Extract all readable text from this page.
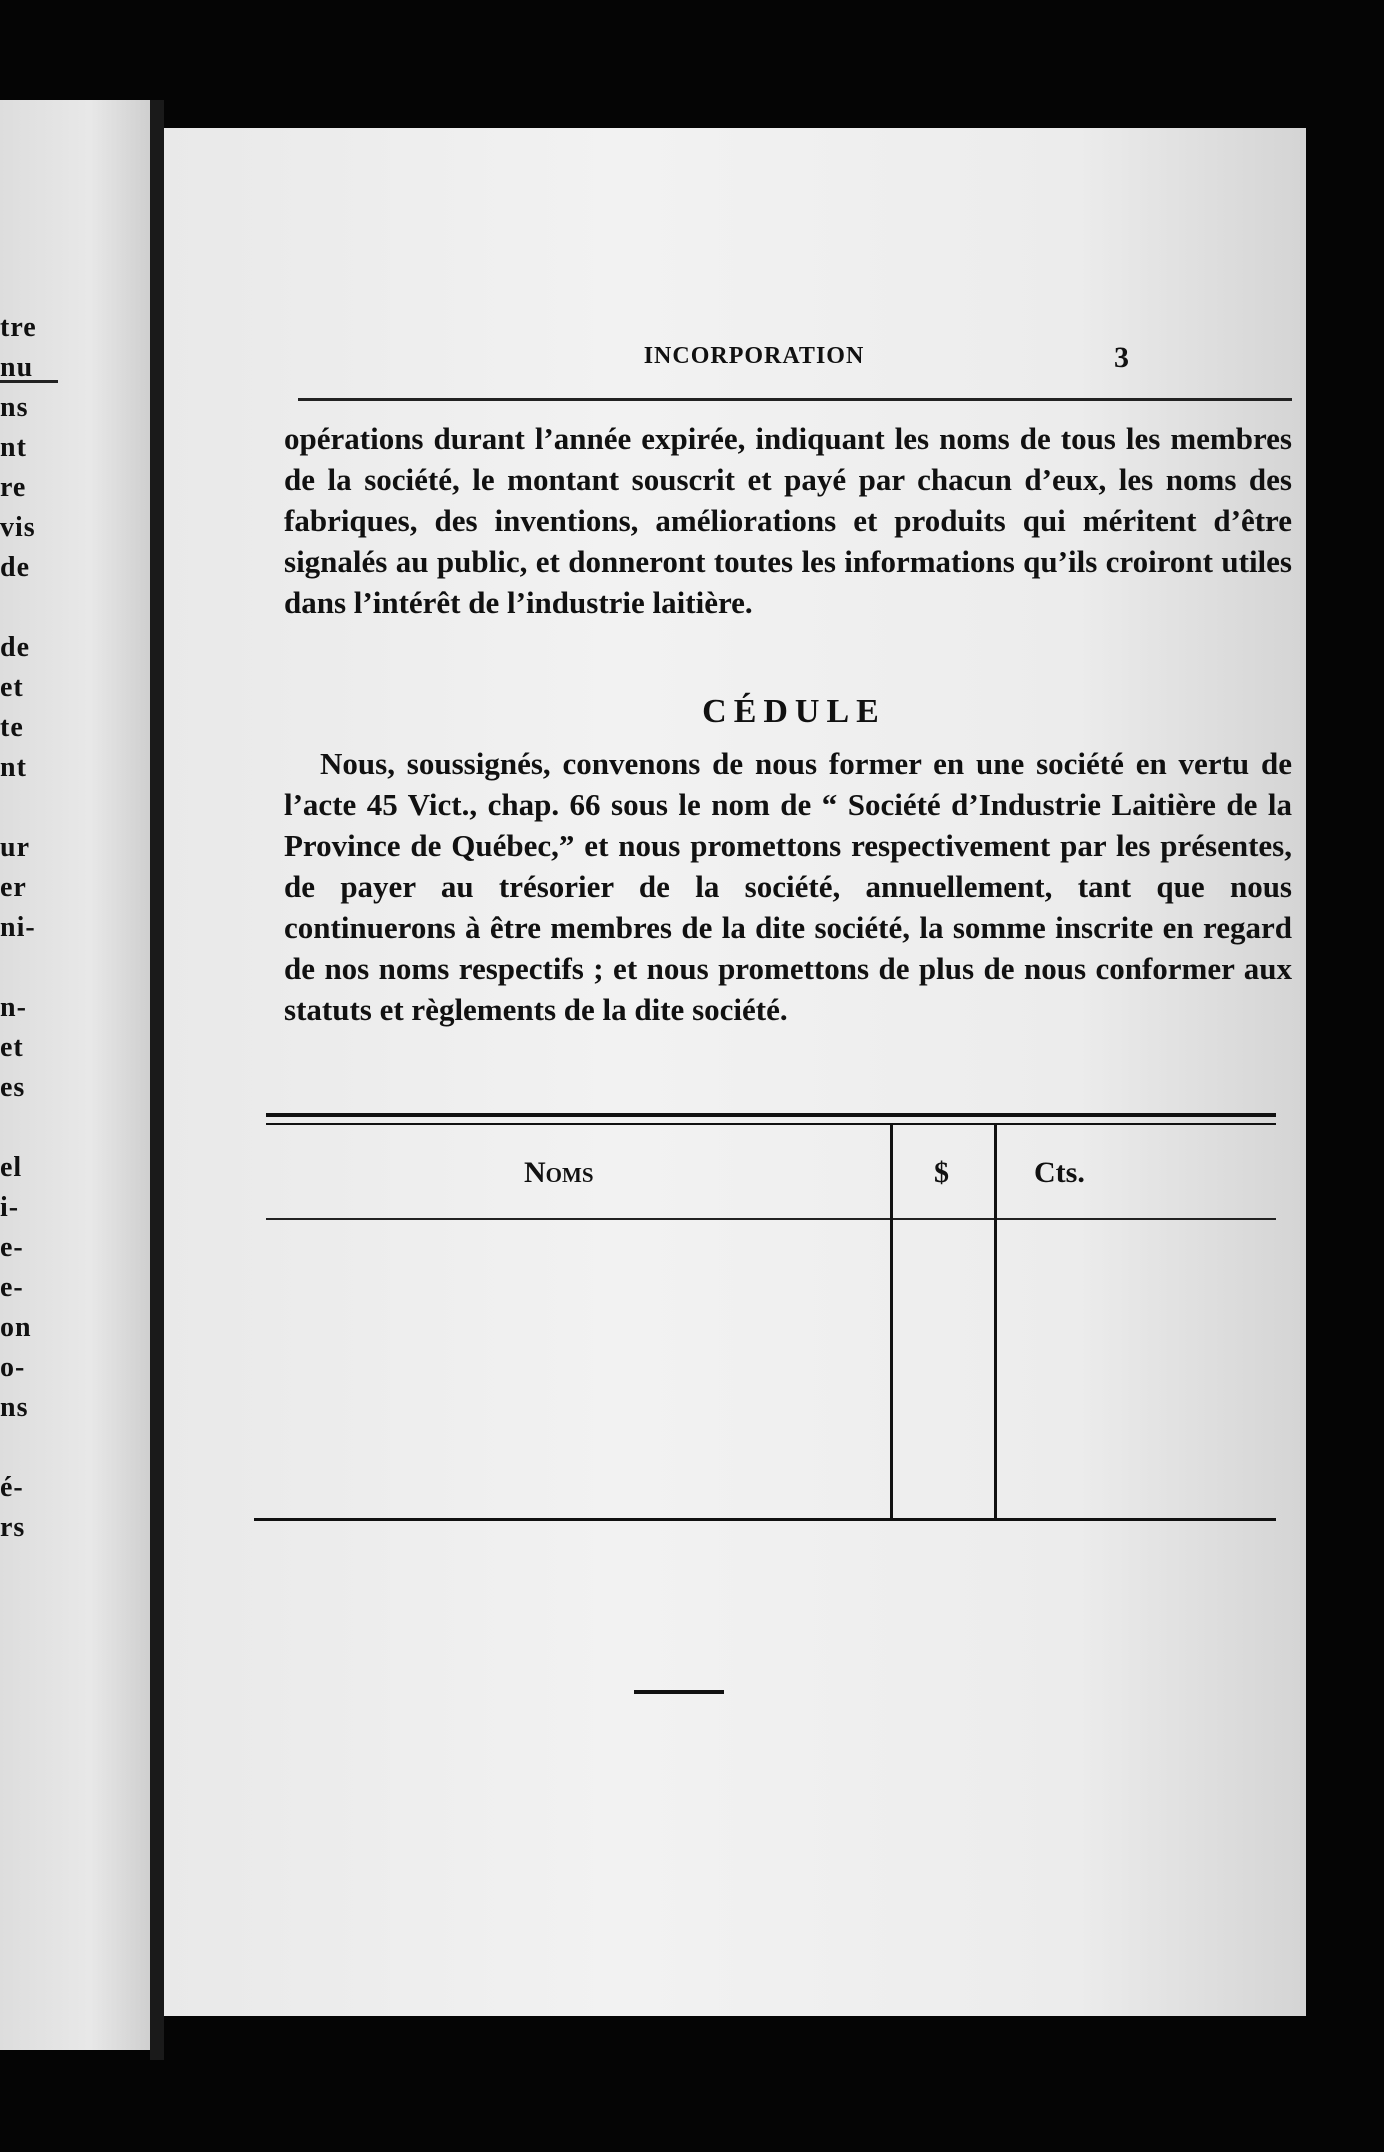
tre
nu
ns
nt
re
vis
de
de
et
te
nt
ur
er
ni-
n-
et
es
el
i-
e-
e-
on
o-
ns
é-
rs
INCORPORATION	3
opérations durant l’année expirée, indiquant les noms de tous les membres de la société, le montant souscrit et payé par chacun d’eux, les noms des fabriques, des inventions, améliorations et produits qui méritent d’être signalés au public, et donneront toutes les informations qu’ils croiront utiles dans l’intérêt de l’industrie laitière.
CÉDULE
Nous, soussignés, convenons de nous former en une société en vertu de l’acte 45 Vict., chap. 66 sous le nom de “ Société d’Industrie Laitière de la Province de Québec,” et nous promettons respectivement par les présentes, de payer au trésorier de la société, annuellement, tant que nous continuerons à être membres de la dite société, la somme inscrite en regard de nos noms respectifs ; et nous promettons de plus de nous conformer aux statuts et règlements de la dite société.
Noms	$	Cts.
